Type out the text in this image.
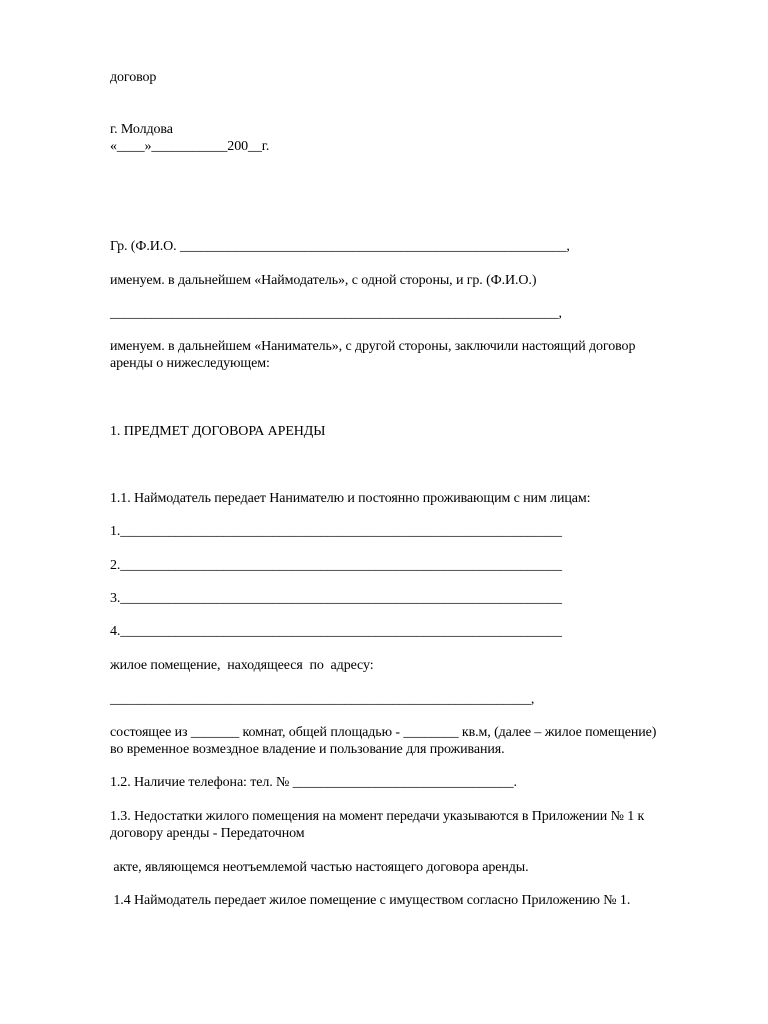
договор
г. Молдова
«____»___________200__г.
Гр. (Ф.И.О. ________________________________________________________,
именуем. в дальнейшем «Наймодатель», с одной стороны, и гр. (Ф.И.О.)
_________________________________________________________________,
именуем. в дальнейшем «Наниматель», с другой стороны, заключили настоящий договор
аренды о нижеследующем:
1. ПРЕДМЕТ ДОГОВОРА АРЕНДЫ
1.1. Наймодатель передает Нанимателю и постоянно проживающим с ним лицам:
1.________________________________________________________________
2.________________________________________________________________
3.________________________________________________________________
4.________________________________________________________________
жилое помещение,  находящееся  по  адресу:
_____________________________________________________________,
состоящее из _______ комнат, общей площадью - ________ кв.м, (далее – жилое помещение)
во временное возмездное владение и пользование для проживания.
1.2. Наличие телефона: тел. № ________________________________.
1.3. Недостатки жилого помещения на момент передачи указываются в Приложении № 1 к
договору аренды - Передаточном
акте, являющемся неотъемлемой частью настоящего договора аренды.
1.4 Наймодатель передает жилое помещение с имуществом согласно Приложению № 1.
